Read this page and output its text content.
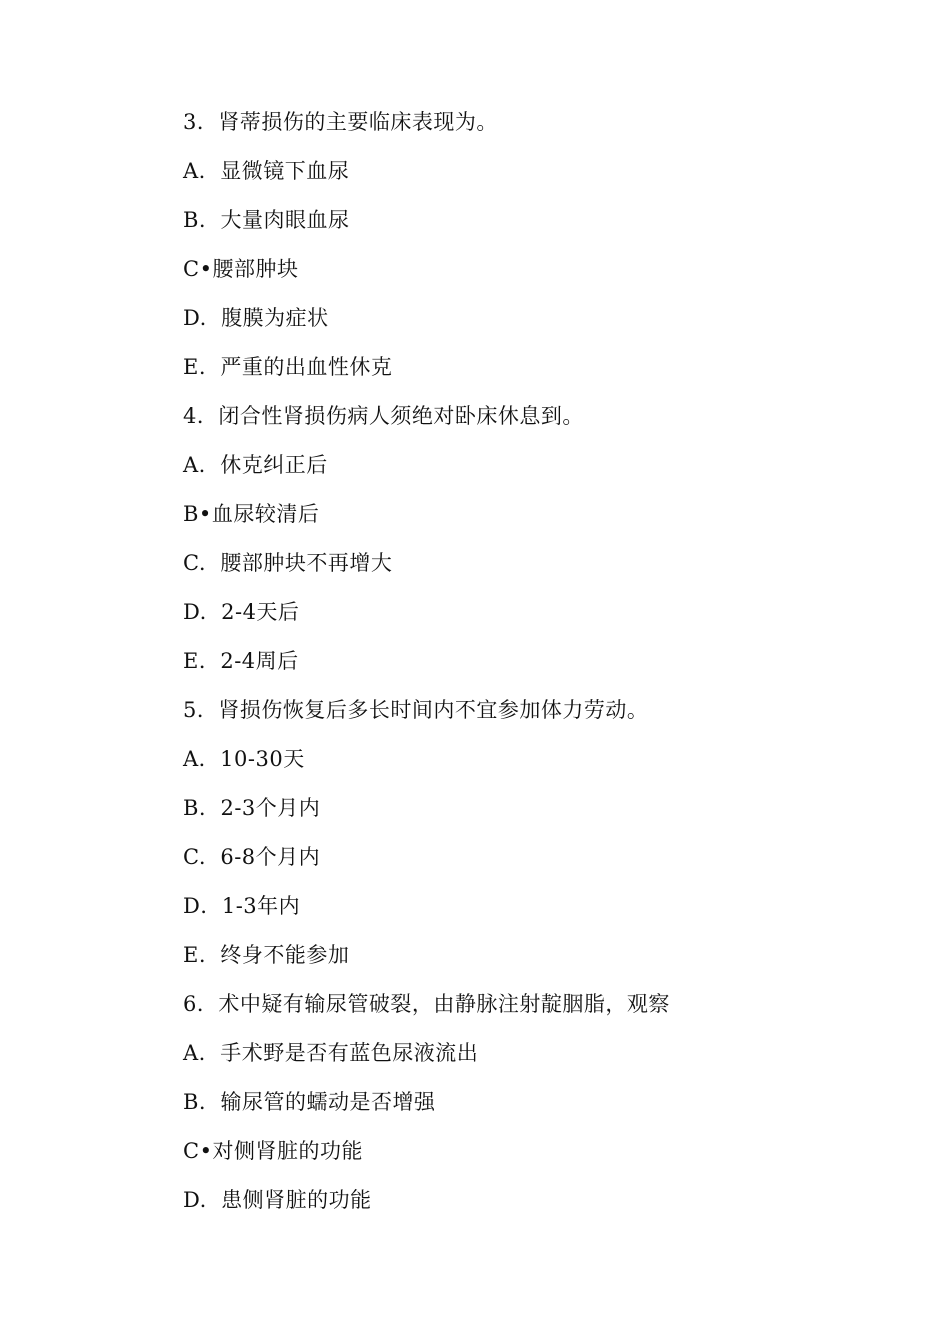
3．肾蒂损伤的主要临床表现为。
A.  显微镜下血尿
B.  大量肉眼血尿
C•腰部肿块
D.  腹膜为症状
E.  严重的出血性休克
4．闭合性肾损伤病人须绝对卧床休息到。
A.  休克纠正后
B•血尿较清后
C.  腰部肿块不再增大
D.  2-4天后
E．2-4周后
5．肾损伤恢复后多长时间内不宜参加体力劳动。
A．10-30天
B.  2-3个月内
C.  6-8个月内
D．1-3年内
E.  终身不能参加
6．术中疑有输尿管破裂，由静脉注射靛胭脂，观察
A.  手术野是否有蓝色尿液流出
B.  输尿管的蠕动是否增强
C•对侧肾脏的功能
D.  患侧肾脏的功能
